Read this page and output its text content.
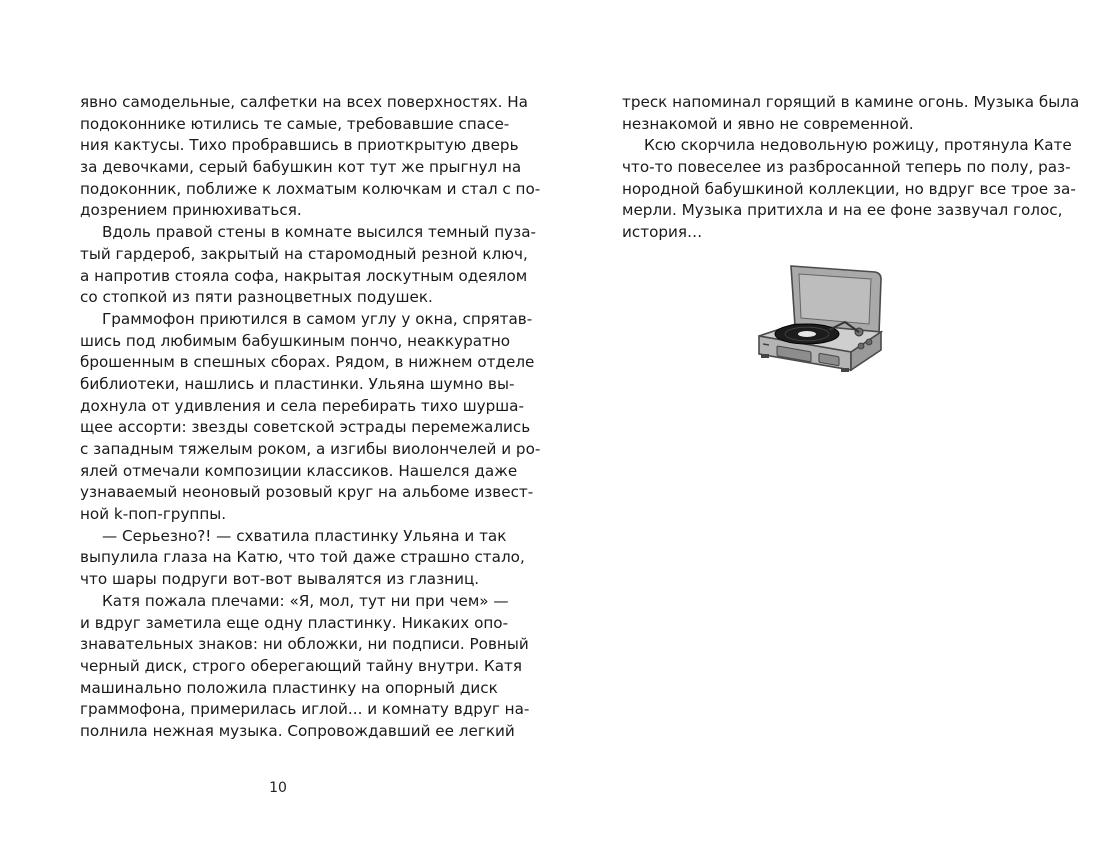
явно самодельные, салфетки на всех поверхностях. На
подоконнике ютились те самые, требовавшие спасе-
ния кактусы. Тихо пробравшись в приоткрытую дверь
за девочками, серый бабушкин кот тут же прыгнул на
подоконник, поближе к лохматым колючкам и стал с по-
дозрением принюхиваться.
Вдоль правой стены в комнате высился темный пуза-
тый гардероб, закрытый на старомодный резной ключ,
а напротив стояла софа, накрытая лоскутным одеялом
со стопкой из пяти разноцветных подушек.
Граммофон приютился в самом углу у окна, спрятав-
шись под любимым бабушкиным пончо, неаккуратно
брошенным в спешных сборах. Рядом, в нижнем отделе
библиотеки, нашлись и пластинки. Ульяна шумно вы-
дохнула от удивления и села перебирать тихо шурша-
щее ассорти: звезды советской эстрады перемежались
с западным тяжелым роком, а изгибы виолончелей и ро-
ялей отмечали композиции классиков. Нашелся даже
узнаваемый неоновый розовый круг на альбоме извест-
ной k-поп-группы.
— Серьезно?! — схватила пластинку Ульяна и так
выпулила глаза на Катю, что той даже страшно стало,
что шары подруги вот-вот вывалятся из глазниц.
Катя пожала плечами: «Я, мол, тут ни при чем» —
и вдруг заметила еще одну пластинку. Никаких опо-
знавательных знаков: ни обложки, ни подписи. Ровный
черный диск, строго оберегающий тайну внутри. Катя
машинально положила пластинку на опорный диск
граммофона, примерилась иглой... и комнату вдруг на-
полнила нежная музыка. Сопровождавший ее легкий
10
треск напоминал горящий в камине огонь. Музыка была
незнакомой и явно не современной.
Ксю скорчила недовольную рожицу, протянула Кате
что-то повеселее из разбросанной теперь по полу, раз-
нородной бабушкиной коллекции, но вдруг все трое за-
мерли. Музыка притихла и на ее фоне зазвучал голос,
история…
